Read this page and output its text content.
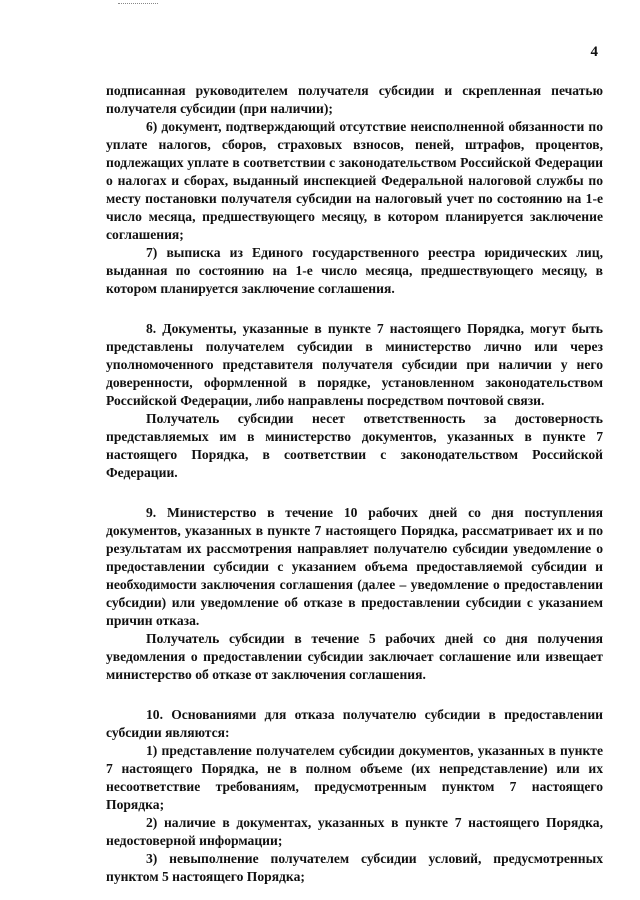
4

подписанная руководителем получателя субсидии и скрепленная печатью получателя субсидии (при наличии);

6) документ, подтверждающий отсутствие неисполненной обязанности по уплате налогов, сборов, страховых взносов, пеней, штрафов, процентов, подлежащих уплате в соответствии с законодательством Российской Федерации о налогах и сборах, выданный инспекцией Федеральной налоговой службы по месту постановки получателя субсидии на налоговый учет по состоянию на 1-е число месяца, предшествующего месяцу, в котором планируется заключение соглашения;

7) выписка из Единого государственного реестра юридических лиц, выданная по состоянию на 1-е число месяца, предшествующего месяцу, в котором планируется заключение соглашения.

8. Документы, указанные в пункте 7 настоящего Порядка, могут быть представлены получателем субсидии в министерство лично или через уполномоченного представителя получателя субсидии при наличии у него доверенности, оформленной в порядке, установленном законодательством Российской Федерации, либо направлены посредством почтовой связи.

Получатель субсидии несет ответственность за достоверность представляемых им в министерство документов, указанных в пункте 7 настоящего Порядка, в соответствии с законодательством Российской Федерации.

9. Министерство в течение 10 рабочих дней со дня поступления документов, указанных в пункте 7 настоящего Порядка, рассматривает их и по результатам их рассмотрения направляет получателю субсидии уведомление о предоставлении субсидии с указанием объема предоставляемой субсидии и необходимости заключения соглашения (далее – уведомление о предоставлении субсидии) или уведомление об отказе в предоставлении субсидии с указанием причин отказа.

Получатель субсидии в течение 5 рабочих дней со дня получения уведомления о предоставлении субсидии заключает соглашение или извещает министерство об отказе от заключения соглашения.

10. Основаниями для отказа получателю субсидии в предоставлении субсидии являются:

1) представление получателем субсидии документов, указанных в пункте 7 настоящего Порядка, не в полном объеме (их непредставление) или их несоответствие требованиям, предусмотренным пунктом 7 настоящего Порядка;

2) наличие в документах, указанных в пункте 7 настоящего Порядка, недостоверной информации;

3) невыполнение получателем субсидии условий, предусмотренных пунктом 5 настоящего Порядка;
